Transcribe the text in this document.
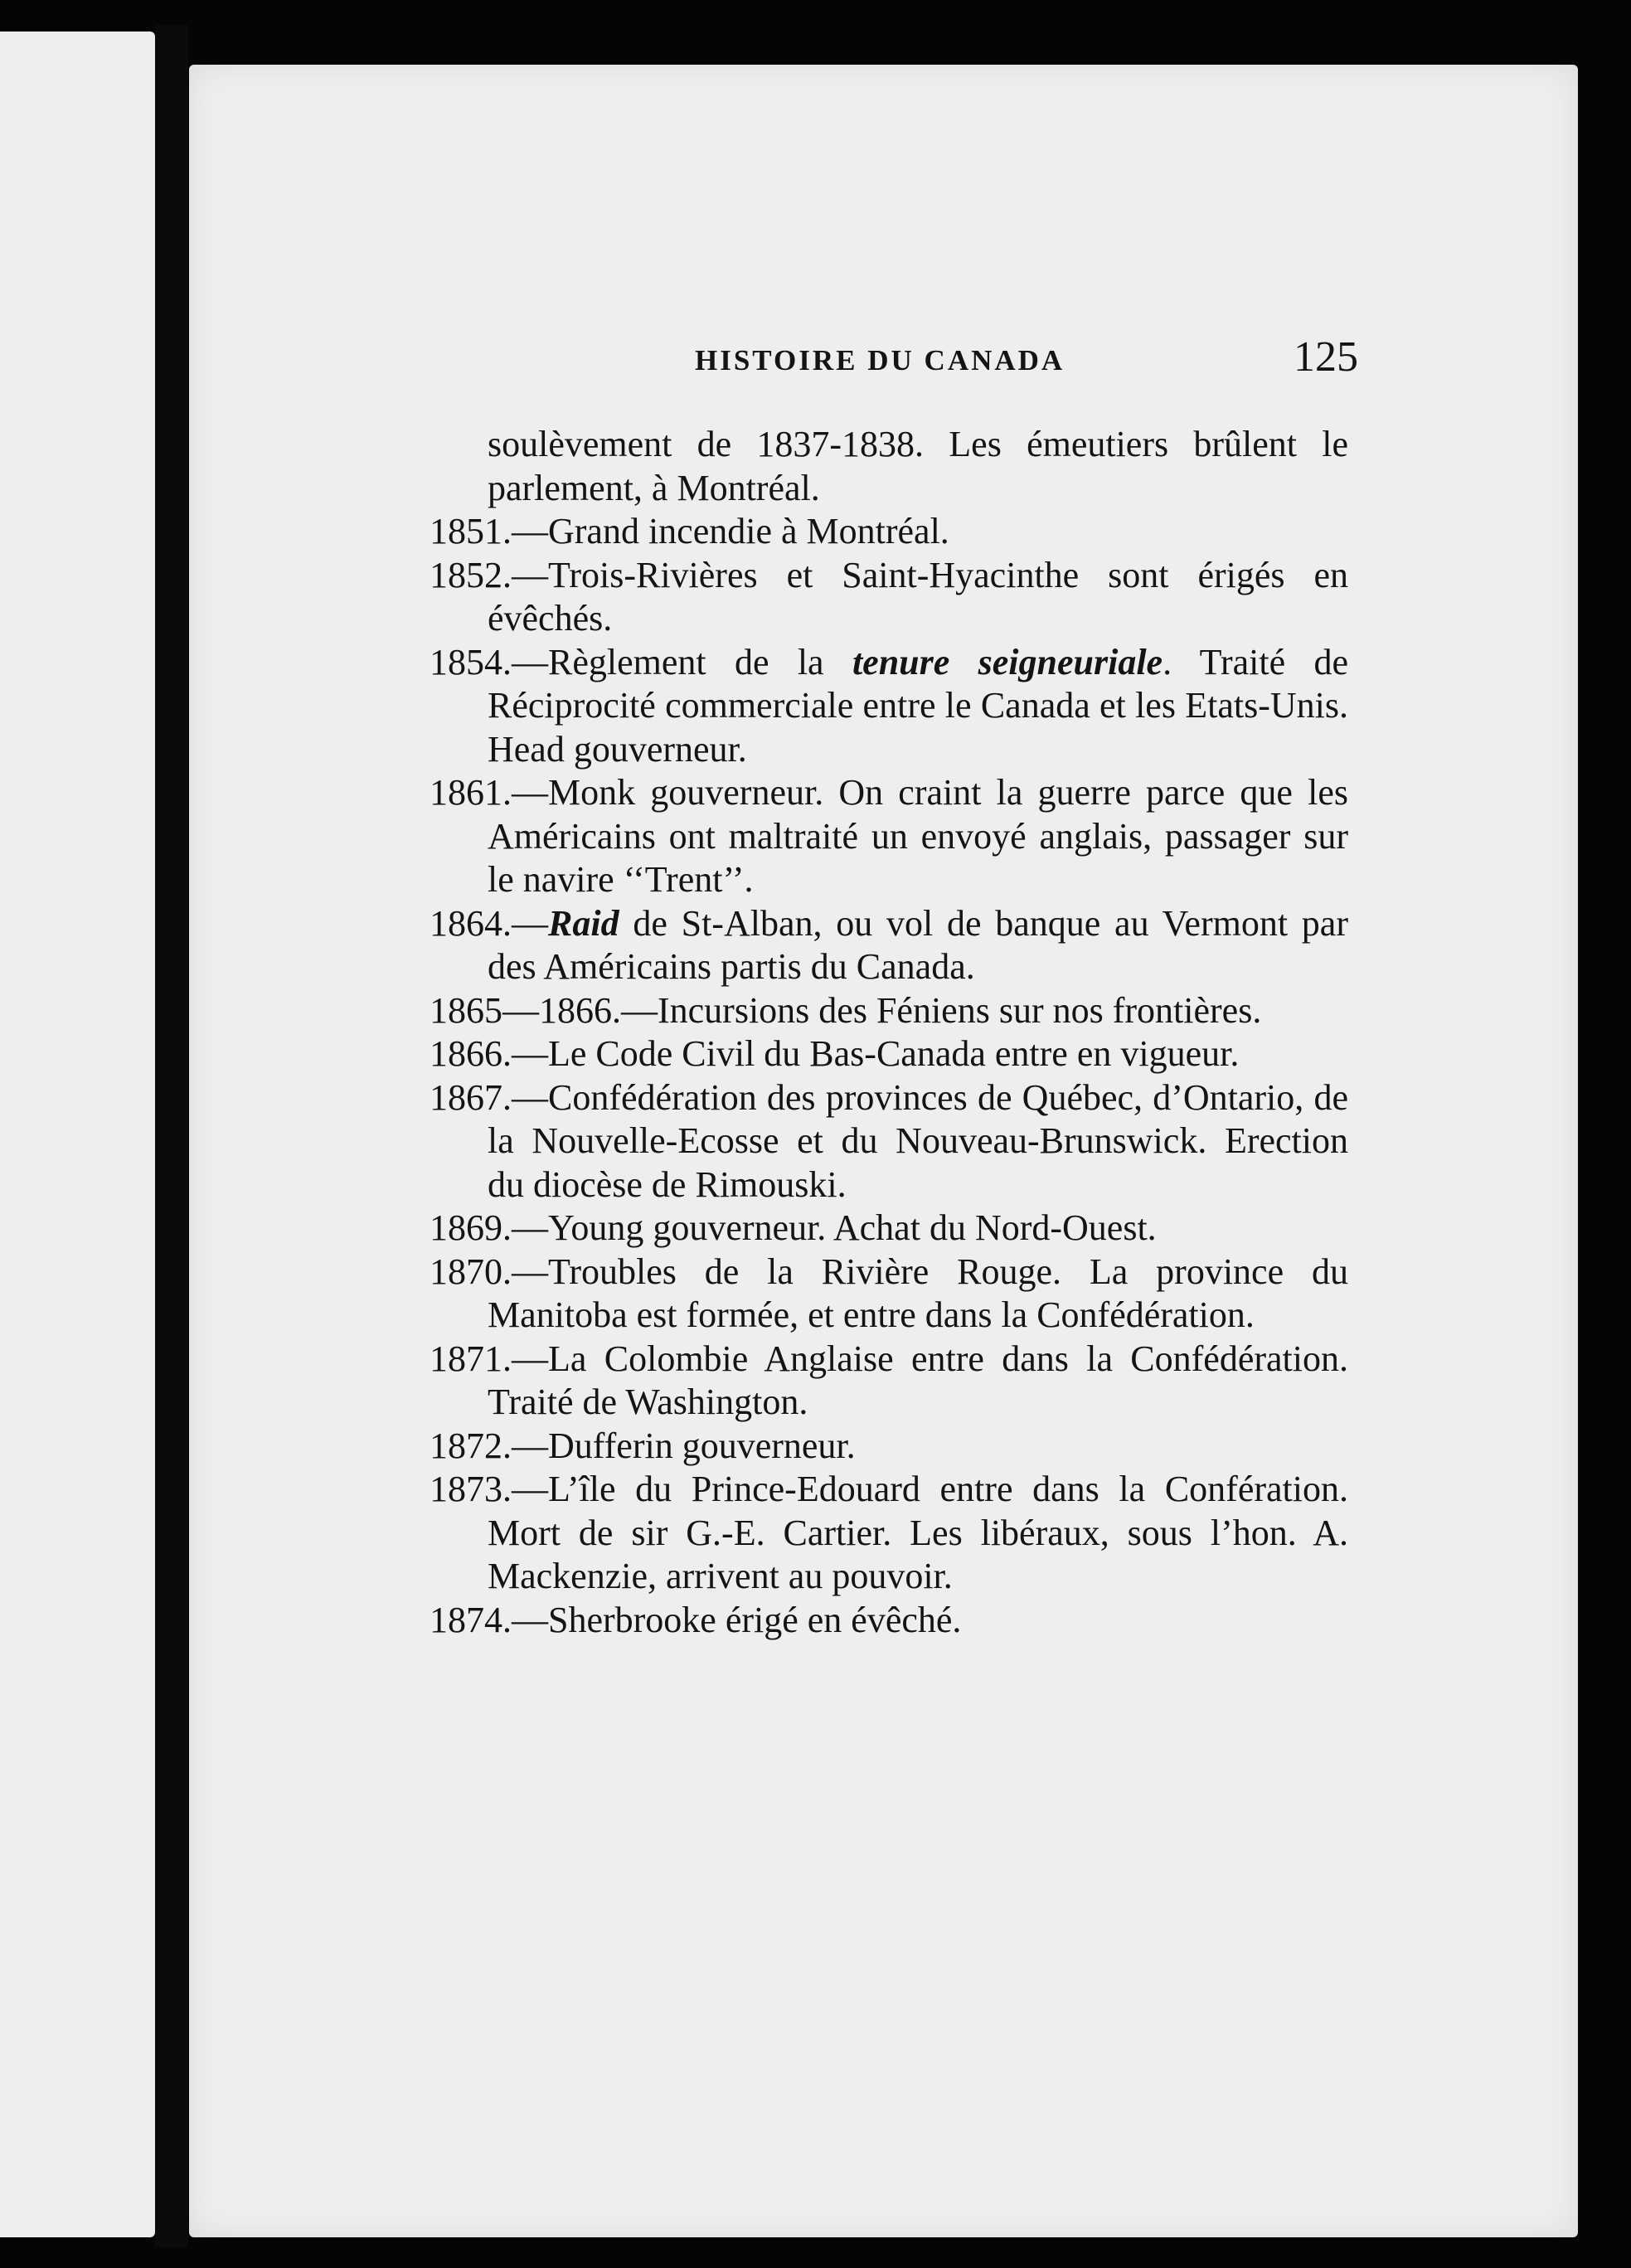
HISTOIRE DU CANADA	125
soulèvement de 1837-1838. Les émeutiers brûlent le parlement, à Montréal.
1851.—Grand incendie à Montréal.
1852.—Trois-Rivières et Saint-Hyacinthe sont érigés en évêchés.
1854.—Règlement de la tenure seigneuriale. Traité de Réciprocité commerciale entre le Canada et les Etats-Unis. Head gouverneur.
1861.—Monk gouverneur. On craint la guerre parce que les Américains ont maltraité un envoyé anglais, passager sur le navire ‘‘Trent’’.
1864.—Raid de St-Alban, ou vol de banque au Vermont par des Américains partis du Canada.
1865—1866.—Incursions des Féniens sur nos frontières.
1866.—Le Code Civil du Bas-Canada entre en vigueur.
1867.—Confédération des provinces de Québec, d’Ontario, de la Nouvelle-Ecosse et du Nouveau-Brunswick. Erection du diocèse de Rimouski.
1869.—Young gouverneur. Achat du Nord-Ouest.
1870.—Troubles de la Rivière Rouge. La province du Manitoba est formée, et entre dans la Confédération.
1871.—La Colombie Anglaise entre dans la Confédération. Traité de Washington.
1872.—Dufferin gouverneur.
1873.—L’île du Prince-Edouard entre dans la Confération. Mort de sir G.-E. Cartier. Les libéraux, sous l’hon. A. Mackenzie, arrivent au pouvoir.
1874.—Sherbrooke érigé en évêché.
